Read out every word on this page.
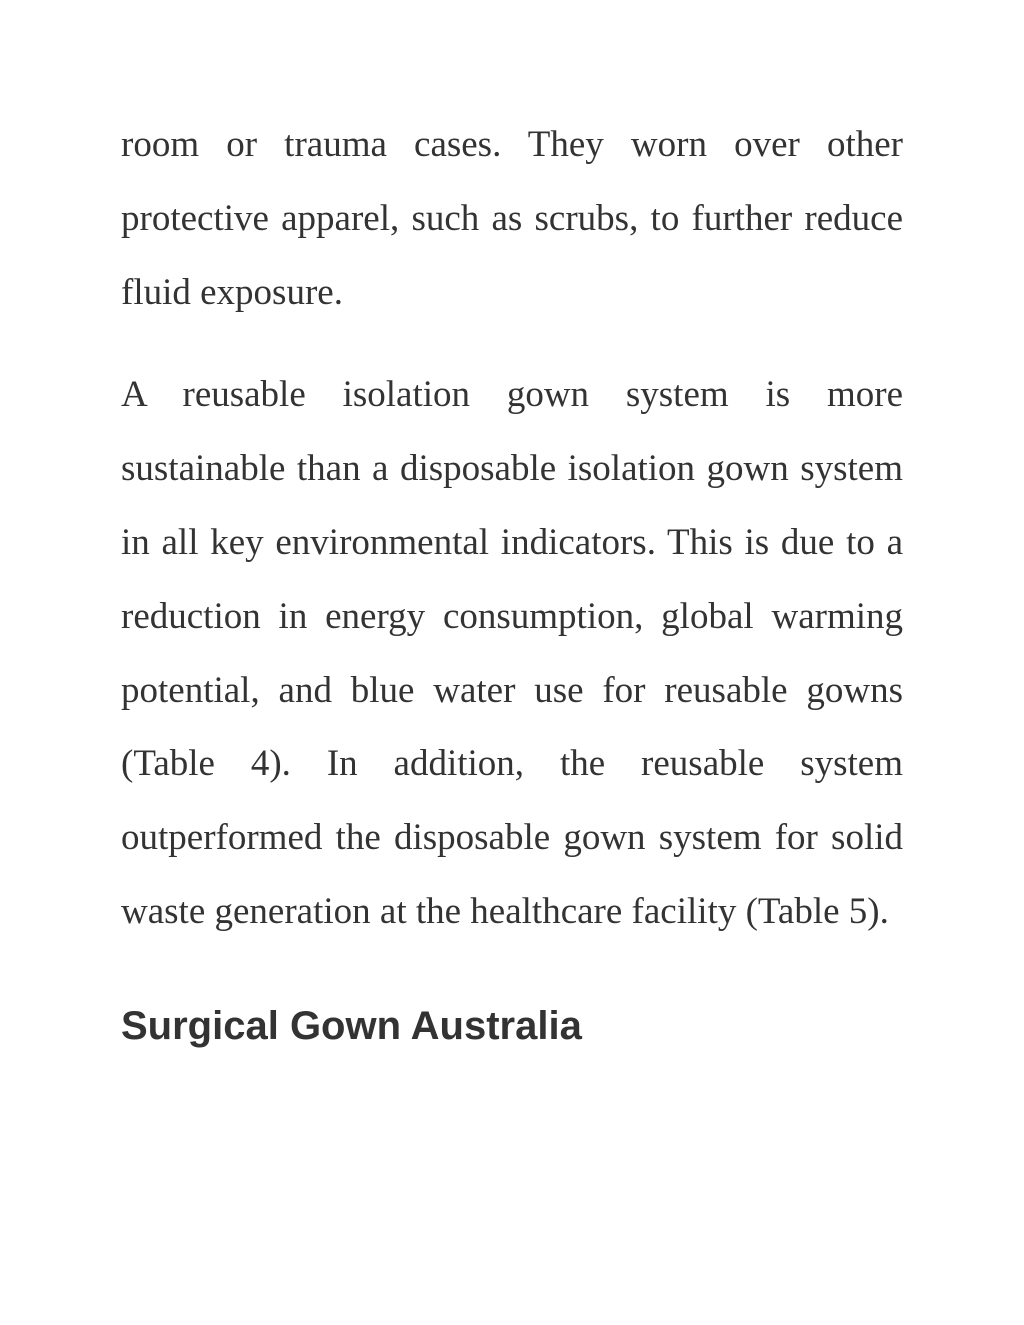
room or trauma cases. They worn over other protective apparel, such as scrubs, to further reduce fluid exposure.

A reusable isolation gown system is more sustainable than a disposable isolation gown system in all key environmental indicators. This is due to a reduction in energy consumption, global warming potential, and blue water use for reusable gowns (Table 4). In addition, the reusable system outperformed the disposable gown system for solid waste generation at the healthcare facility (Table 5).

Surgical Gown Australia
